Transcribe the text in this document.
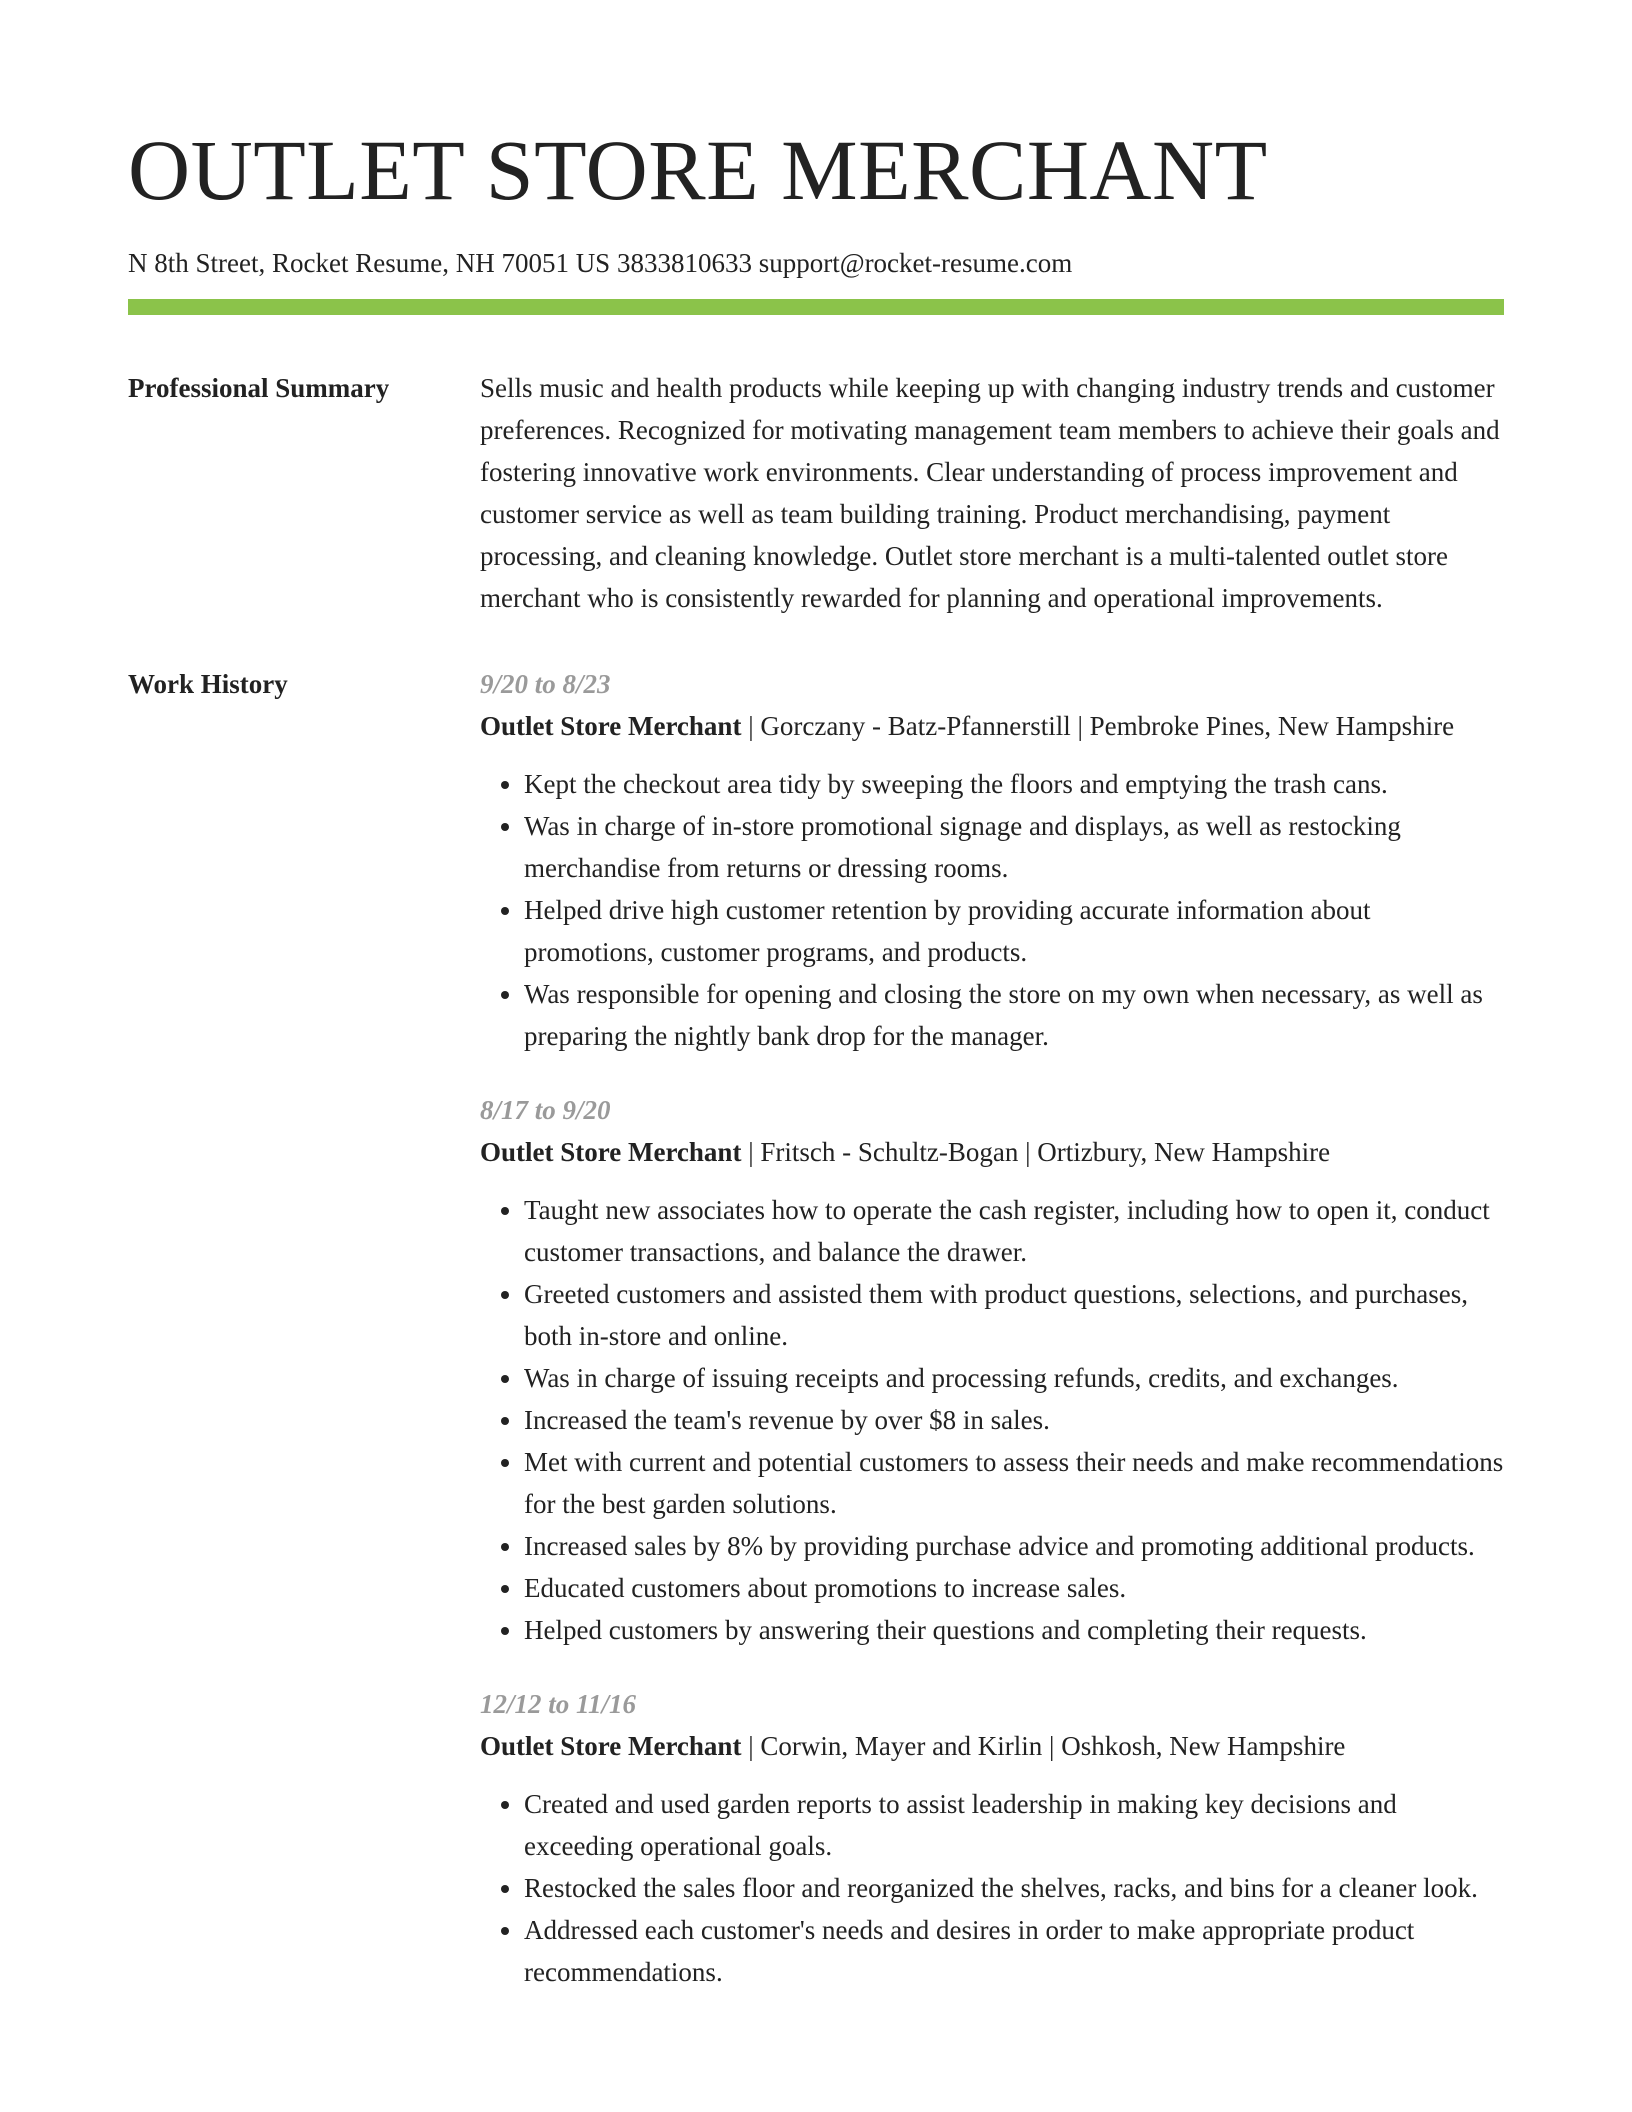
OUTLET STORE MERCHANT
N 8th Street, Rocket Resume, NH 70051 US 3833810633 support@rocket-resume.com
Professional Summary	Sells music and health products while keeping up with changing industry trends and customer preferences. Recognized for motivating management team members to achieve their goals and fostering innovative work environments. Clear understanding of process improvement and customer service as well as team building training. Product merchandising, payment processing, and cleaning knowledge. Outlet store merchant is a multi-talented outlet store merchant who is consistently rewarded for planning and operational improvements.

Work History	9/20 to 8/23
Outlet Store Merchant | Gorczany - Batz-Pfannerstill | Pembroke Pines, New Hampshire
• Kept the checkout area tidy by sweeping the floors and emptying the trash cans.
• Was in charge of in-store promotional signage and displays, as well as restocking merchandise from returns or dressing rooms.
• Helped drive high customer retention by providing accurate information about promotions, customer programs, and products.
• Was responsible for opening and closing the store on my own when necessary, as well as preparing the nightly bank drop for the manager.
8/17 to 9/20
Outlet Store Merchant | Fritsch - Schultz-Bogan | Ortizbury, New Hampshire
• Taught new associates how to operate the cash register, including how to open it, conduct customer transactions, and balance the drawer.
• Greeted customers and assisted them with product questions, selections, and purchases, both in-store and online.
• Was in charge of issuing receipts and processing refunds, credits, and exchanges.
• Increased the team's revenue by over $8 in sales.
• Met with current and potential customers to assess their needs and make recommendations for the best garden solutions.
• Increased sales by 8% by providing purchase advice and promoting additional products.
• Educated customers about promotions to increase sales.
• Helped customers by answering their questions and completing their requests.
12/12 to 11/16
Outlet Store Merchant | Corwin, Mayer and Kirlin | Oshkosh, New Hampshire
• Created and used garden reports to assist leadership in making key decisions and exceeding operational goals.
• Restocked the sales floor and reorganized the shelves, racks, and bins for a cleaner look.
• Addressed each customer's needs and desires in order to make appropriate product recommendations.
